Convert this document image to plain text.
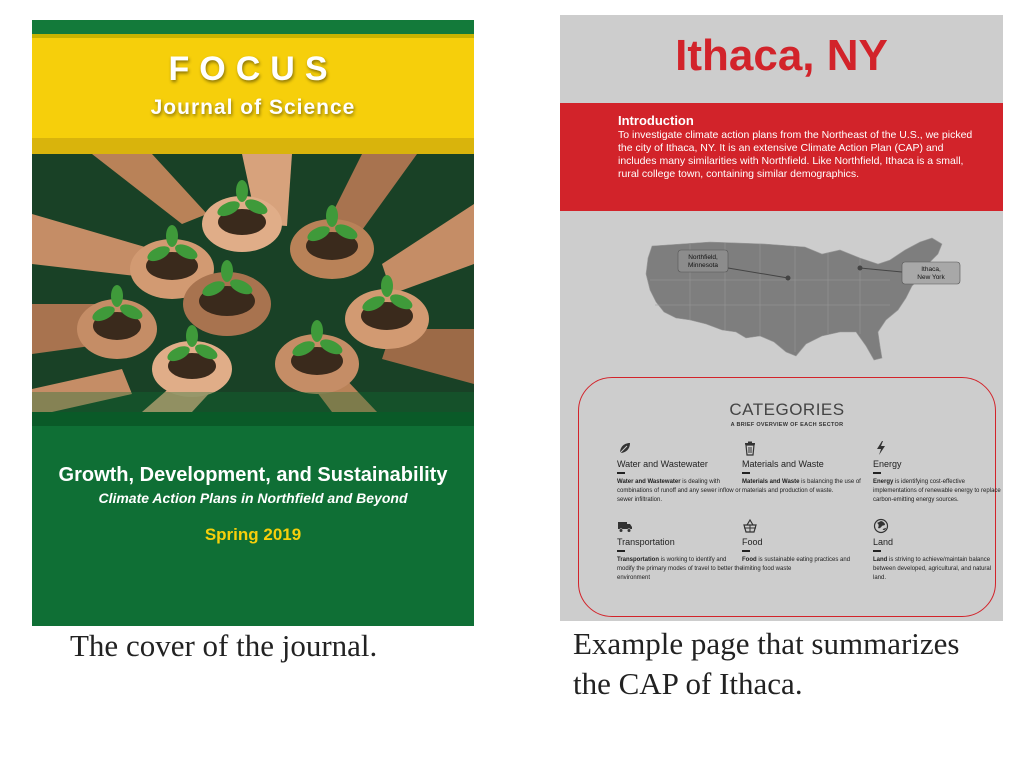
FOCUS
Journal of Science
Growth, Development, and Sustainability
Climate Action Plans in Northfield and Beyond
Spring 2019
The cover of the journal.
Ithaca, NY
Introduction
To investigate climate action plans from the Northeast of the U.S., we picked the city of Ithaca, NY. It is an extensive Climate Action Plan (CAP) and includes many similarities with Northfield. Like Northfield, Ithaca is a small, rural college town, containing similar demographics.
Northfield,
Minnesota
Ithaca,
New York
CATEGORIES
A BRIEF OVERVIEW OF EACH SECTOR
Water and Wastewater
Water and Wastewater is dealing with combinations of runoff and any sewer inflow or sewer infiltration.
Materials and Waste
Materials and Waste is balancing the use of materials and production of waste.
Energy
Energy is identifying cost-effective implementations of renewable energy to replace carbon-emitting energy sources.
Transportation
Transportation is working to identify and modify the primary modes of travel to better the environment
Food
Food is sustainable eating practices and limiting food waste
Land
Land is striving to achieve/maintain balance between developed, agricultural, and natural land.
Example page that summarizes the CAP of Ithaca.
